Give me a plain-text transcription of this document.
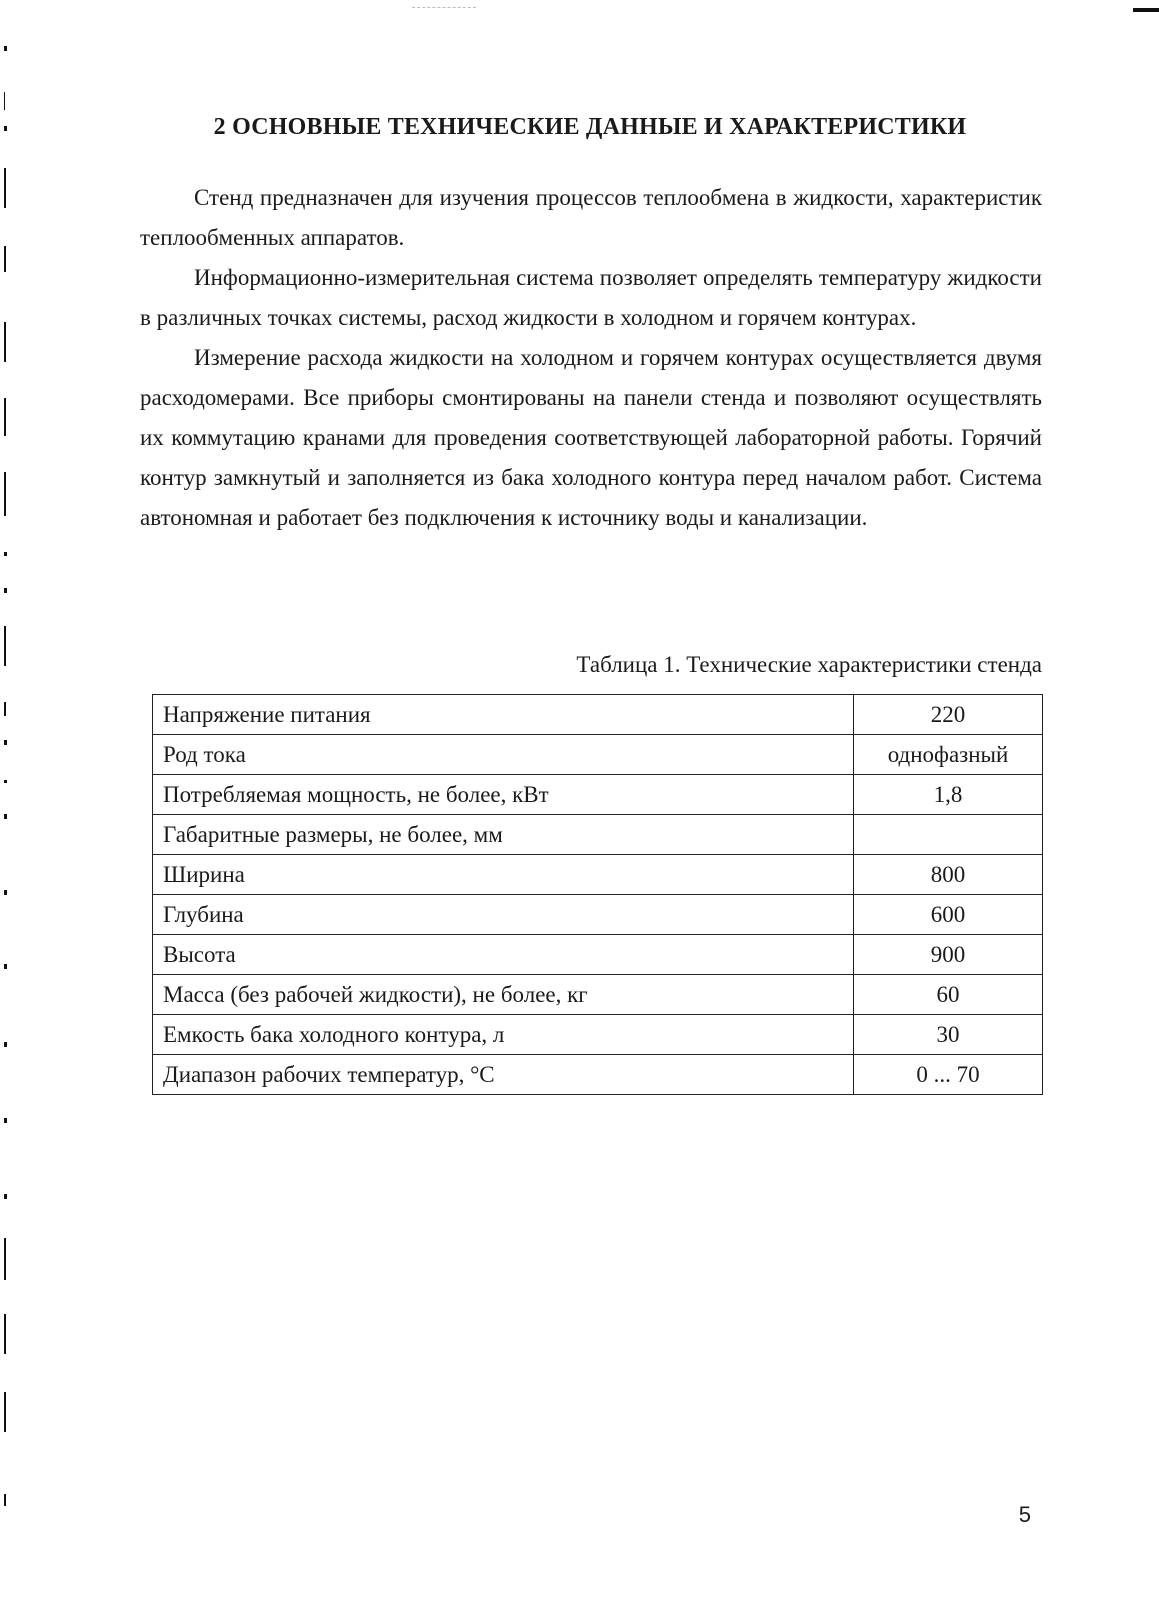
2 ОСНОВНЫЕ ТЕХНИЧЕСКИЕ ДАННЫЕ И ХАРАКТЕРИСТИКИ

Стенд предназначен для изучения процессов теплообмена в жидкости, характеристик теплообменных аппаратов.

Информационно-измерительная система позволяет определять температуру жидкости в различных точках системы, расход жидкости в холодном и горячем контурах.

Измерение расхода жидкости на холодном и горячем контурах осуществляется двумя расходомерами. Все приборы смонтированы на панели стенда и позволяют осуществлять их коммутацию кранами для проведения соответствующей лабораторной работы. Горячий контур замкнутый и заполняется из бака холодного контура перед началом работ. Система автономная и работает без подключения к источнику воды и канализации.

Таблица 1. Технические характеристики стенда
Напряжение питания	220
Род тока	однофазный
Потребляемая мощность, не более, кВт	1,8
Габаритные размеры, не более, мм	
Ширина	800
Глубина	600
Высота	900
Масса (без рабочей жидкости), не более, кг	60
Емкость бака холодного контура, л	30
Диапазон рабочих температур, °С	0 ... 70
5
